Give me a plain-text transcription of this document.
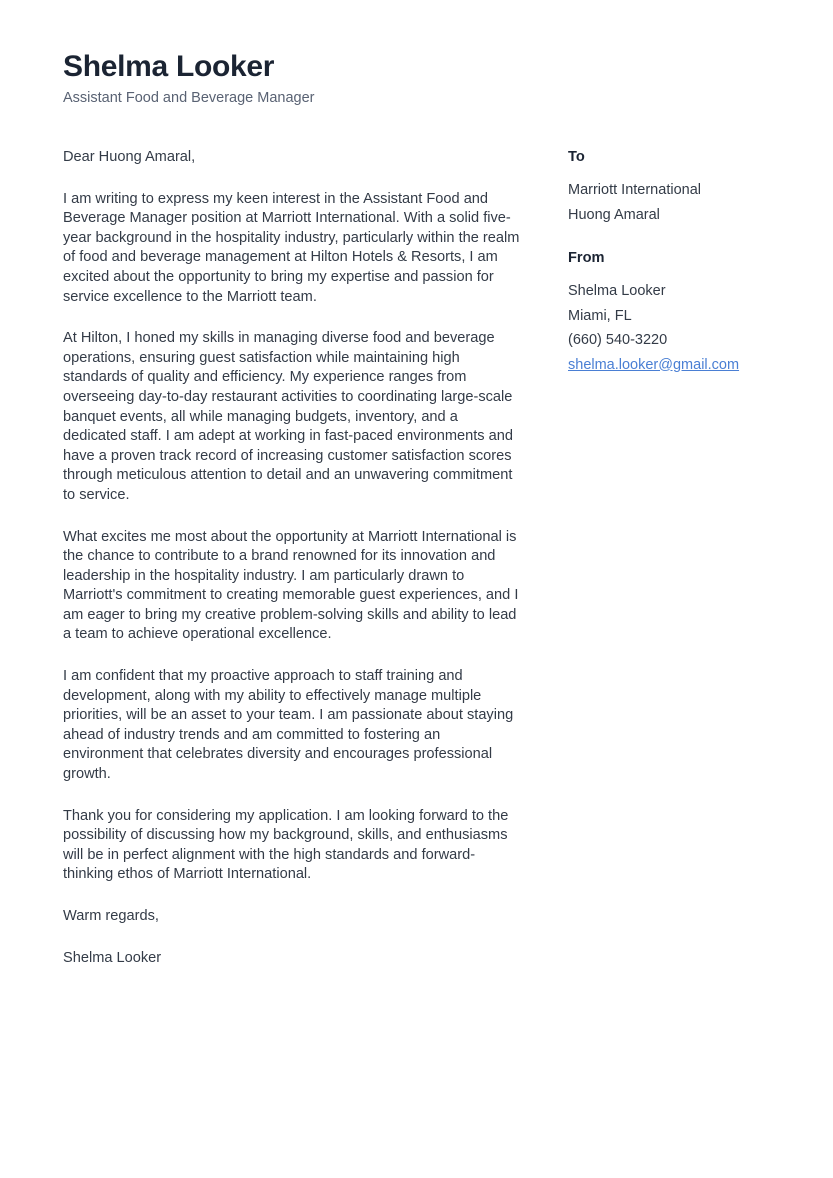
Shelma Looker

Assistant Food and Beverage Manager

Dear Huong Amaral,

I am writing to express my keen interest in the Assistant Food and Beverage Manager position at Marriott International. With a solid five-year background in the hospitality industry, particularly within the realm of food and beverage management at Hilton Hotels & Resorts, I am excited about the opportunity to bring my expertise and passion for service excellence to the Marriott team.

At Hilton, I honed my skills in managing diverse food and beverage operations, ensuring guest satisfaction while maintaining high standards of quality and efficiency. My experience ranges from overseeing day-to-day restaurant activities to coordinating large-scale banquet events, all while managing budgets, inventory, and a dedicated staff. I am adept at working in fast-paced environments and have a proven track record of increasing customer satisfaction scores through meticulous attention to detail and an unwavering commitment to service.

What excites me most about the opportunity at Marriott International is the chance to contribute to a brand renowned for its innovation and leadership in the hospitality industry. I am particularly drawn to Marriott's commitment to creating memorable guest experiences, and I am eager to bring my creative problem-solving skills and ability to lead a team to achieve operational excellence.

I am confident that my proactive approach to staff training and development, along with my ability to effectively manage multiple priorities, will be an asset to your team. I am passionate about staying ahead of industry trends and am committed to fostering an environment that celebrates diversity and encourages professional growth.

Thank you for considering my application. I am looking forward to the possibility of discussing how my background, skills, and enthusiasms will be in perfect alignment with the high standards and forward-thinking ethos of Marriott International.

Warm regards,

Shelma Looker

To

Marriott International

Huong Amaral

From

Shelma Looker

Miami, FL

(660) 540-3220

shelma.looker@gmail.com
